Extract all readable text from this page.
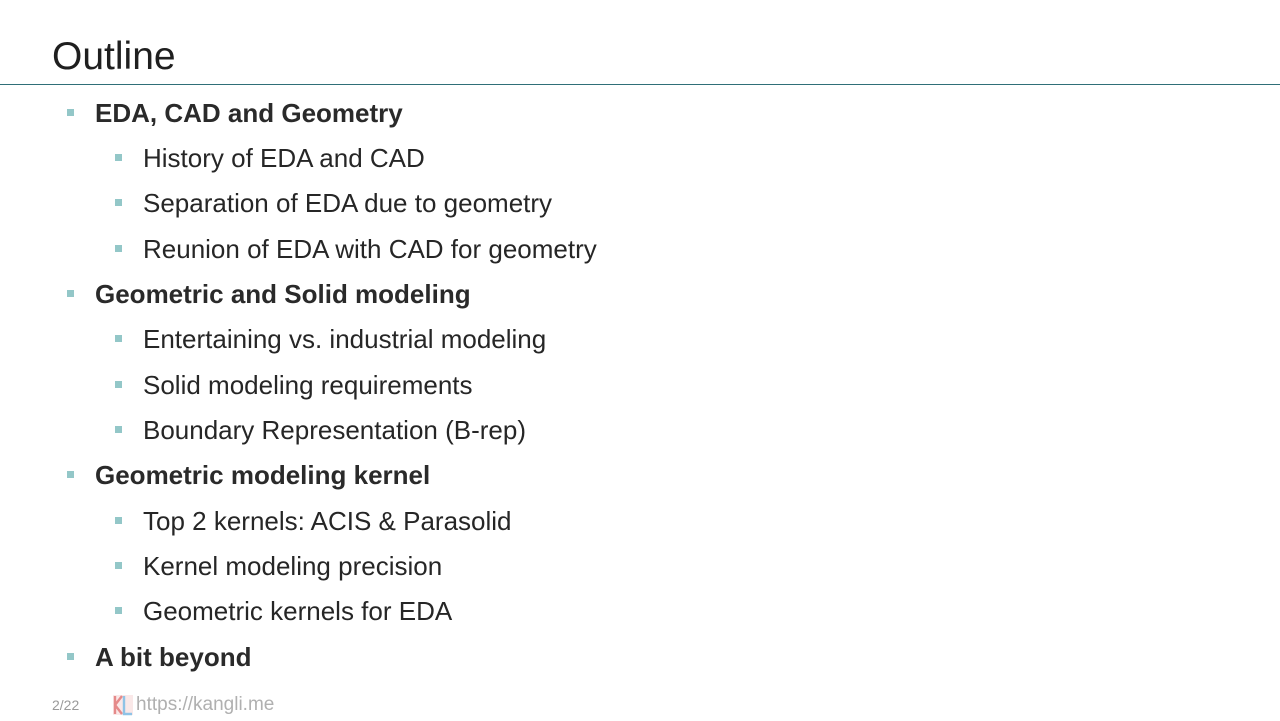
Outline
EDA, CAD and Geometry
History of EDA and CAD
Separation of EDA due to geometry
Reunion of EDA with CAD for geometry
Geometric and Solid modeling
Entertaining vs. industrial modeling
Solid modeling requirements
Boundary Representation (B-rep)
Geometric modeling kernel
Top 2 kernels: ACIS & Parasolid
Kernel modeling precision
Geometric kernels for EDA
A bit beyond
2/22	https://kangli.me
